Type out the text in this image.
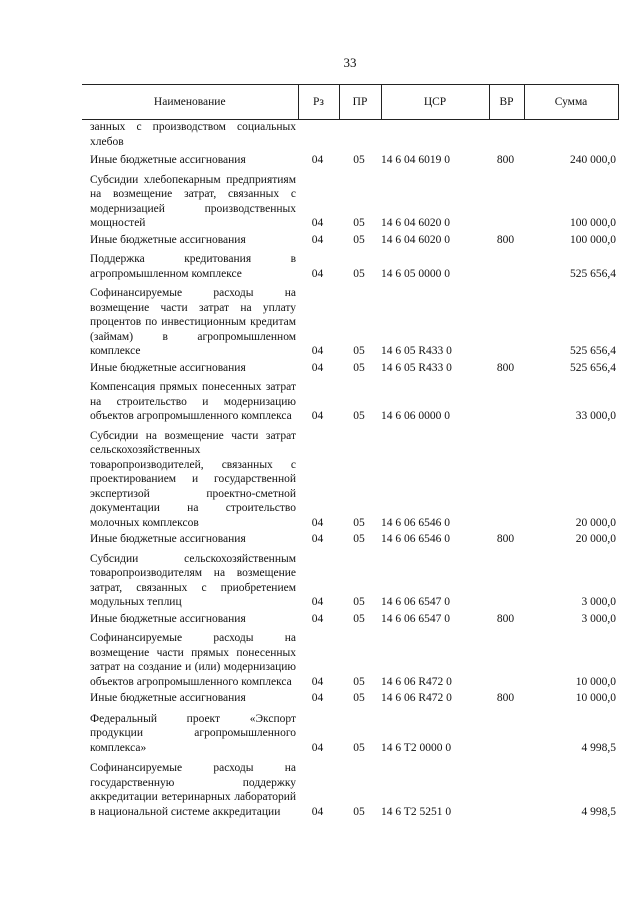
33
Наименование	Рз	ПР	ЦСР	ВР	Сумма
занных с производством социальных хлебов					
Иные бюджетные ассигнования	04	05	14 6 04 6019 0	800	240 000,0
Субсидии хлебопекарным предприятиям на возмещение затрат, связанных с модернизацией производственных мощностей	04	05	14 6 04 6020 0		100 000,0
Иные бюджетные ассигнования	04	05	14 6 04 6020 0	800	100 000,0
Поддержка кредитования в агропромышленном комплексе	04	05	14 6 05 0000 0		525 656,4
Софинансируемые расходы на возмещение части затрат на уплату процентов по инвестиционным кредитам (займам) в агропромышленном комплексе	04	05	14 6 05 R433 0		525 656,4
Иные бюджетные ассигнования	04	05	14 6 05 R433 0	800	525 656,4
Компенсация прямых понесенных затрат на строительство и модернизацию объектов агропромышленного комплекса	04	05	14 6 06 0000 0		33 000,0
Субсидии на возмещение части затрат сельскохозяйственных товаропроизводителей, связанных с проектированием и государственной экспертизой проектно-сметной документации на строительство молочных комплексов	04	05	14 6 06 6546 0		20 000,0
Иные бюджетные ассигнования	04	05	14 6 06 6546 0	800	20 000,0
Субсидии сельскохозяйственным товаропроизводителям на возмещение затрат, связанных с приобретением модульных теплиц	04	05	14 6 06 6547 0		3 000,0
Иные бюджетные ассигнования	04	05	14 6 06 6547 0	800	3 000,0
Софинансируемые расходы на возмещение части прямых понесенных затрат на создание и (или) модернизацию объектов агропромышленного комплекса	04	05	14 6 06 R472 0		10 000,0
Иные бюджетные ассигнования	04	05	14 6 06 R472 0	800	10 000,0
Федеральный проект «Экспорт продукции агропромышленного комплекса»	04	05	14 6 T2 0000 0		4 998,5
Софинансируемые расходы на государственную поддержку аккредитации ветеринарных лабораторий в национальной системе аккредитации	04	05	14 6 T2 5251 0		4 998,5
